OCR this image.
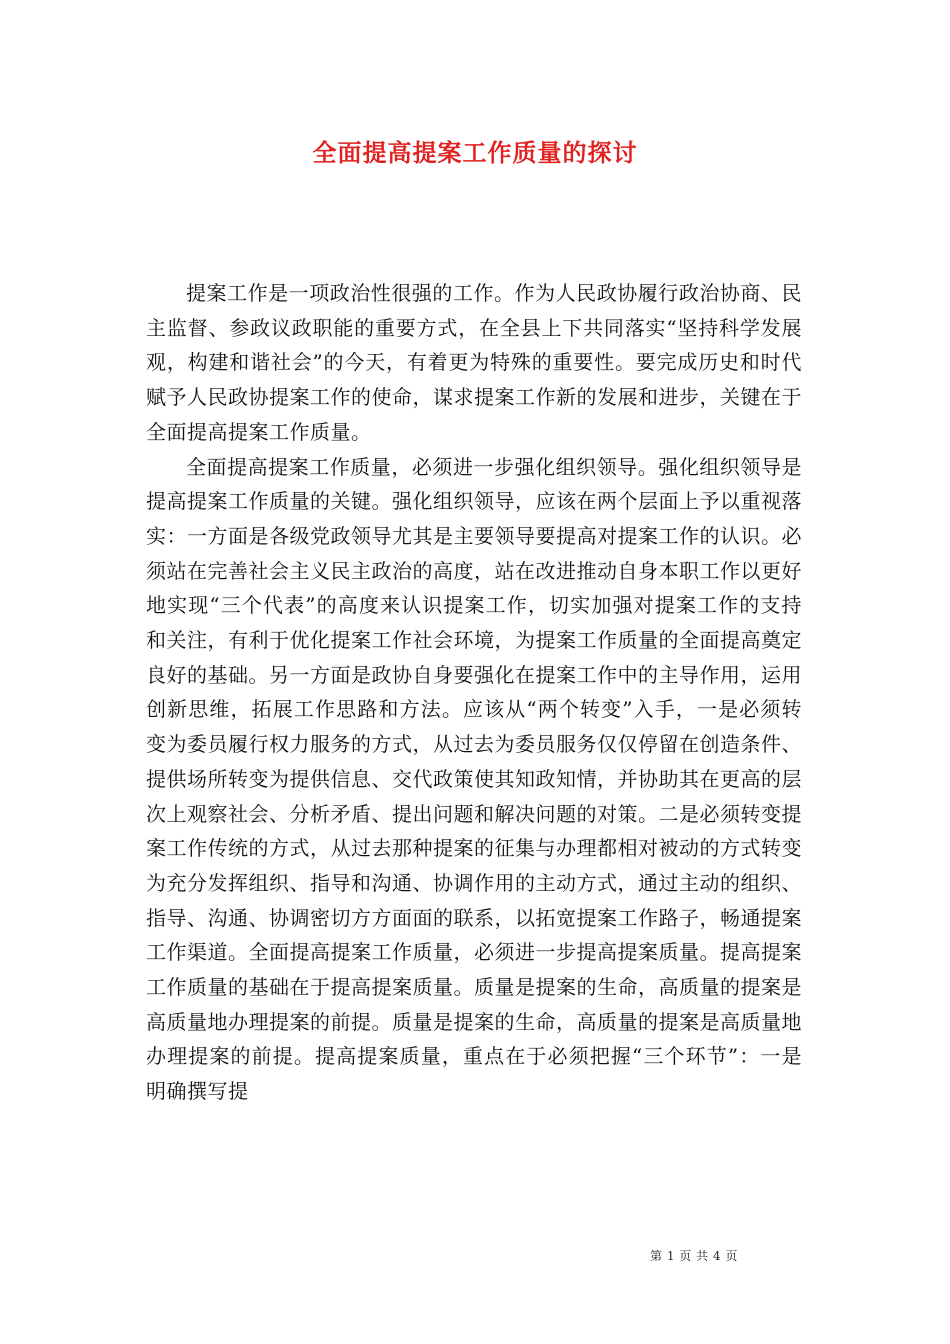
全面提高提案工作质量的探讨

提案工作是一项政治性很强的工作。作为人民政协履行政治协商、民主监督、参政议政职能的重要方式，在全县上下共同落实“坚持科学发展观，构建和谐社会”的今天，有着更为特殊的重要性。要完成历史和时代赋予人民政协提案工作的使命，谋求提案工作新的发展和进步，关键在于全面提高提案工作质量。

全面提高提案工作质量，必须进一步强化组织领导。强化组织领导是提高提案工作质量的关键。强化组织领导，应该在两个层面上予以重视落实：一方面是各级党政领导尤其是主要领导要提高对提案工作的认识。必须站在完善社会主义民主政治的高度，站在改进推动自身本职工作以更好地实现“三个代表”的高度来认识提案工作，切实加强对提案工作的支持和关注，有利于优化提案工作社会环境，为提案工作质量的全面提高奠定良好的基础。另一方面是政协自身要强化在提案工作中的主导作用，运用创新思维，拓展工作思路和方法。应该从“两个转变”入手，一是必须转变为委员履行权力服务的方式，从过去为委员服务仅仅停留在创造条件、提供场所转变为提供信息、交代政策使其知政知情，并协助其在更高的层次上观察社会、分析矛盾、提出问题和解决问题的对策。二是必须转变提案工作传统的方式，从过去那种提案的征集与办理都相对被动的方式转变为充分发挥组织、指导和沟通、协调作用的主动方式，通过主动的组织、指导、沟通、协调密切方方面面的联系，以拓宽提案工作路子，畅通提案工作渠道。全面提高提案工作质量，必须进一步提高提案质量。提高提案工作质量的基础在于提高提案质量。质量是提案的生命，高质量的提案是高质量地办理提案的前提。质量是提案的生命，高质量的提案是高质量地办理提案的前提。提高提案质量，重点在于必须把握“三个环节”：一是明确撰写提

第 1 页 共 4 页
